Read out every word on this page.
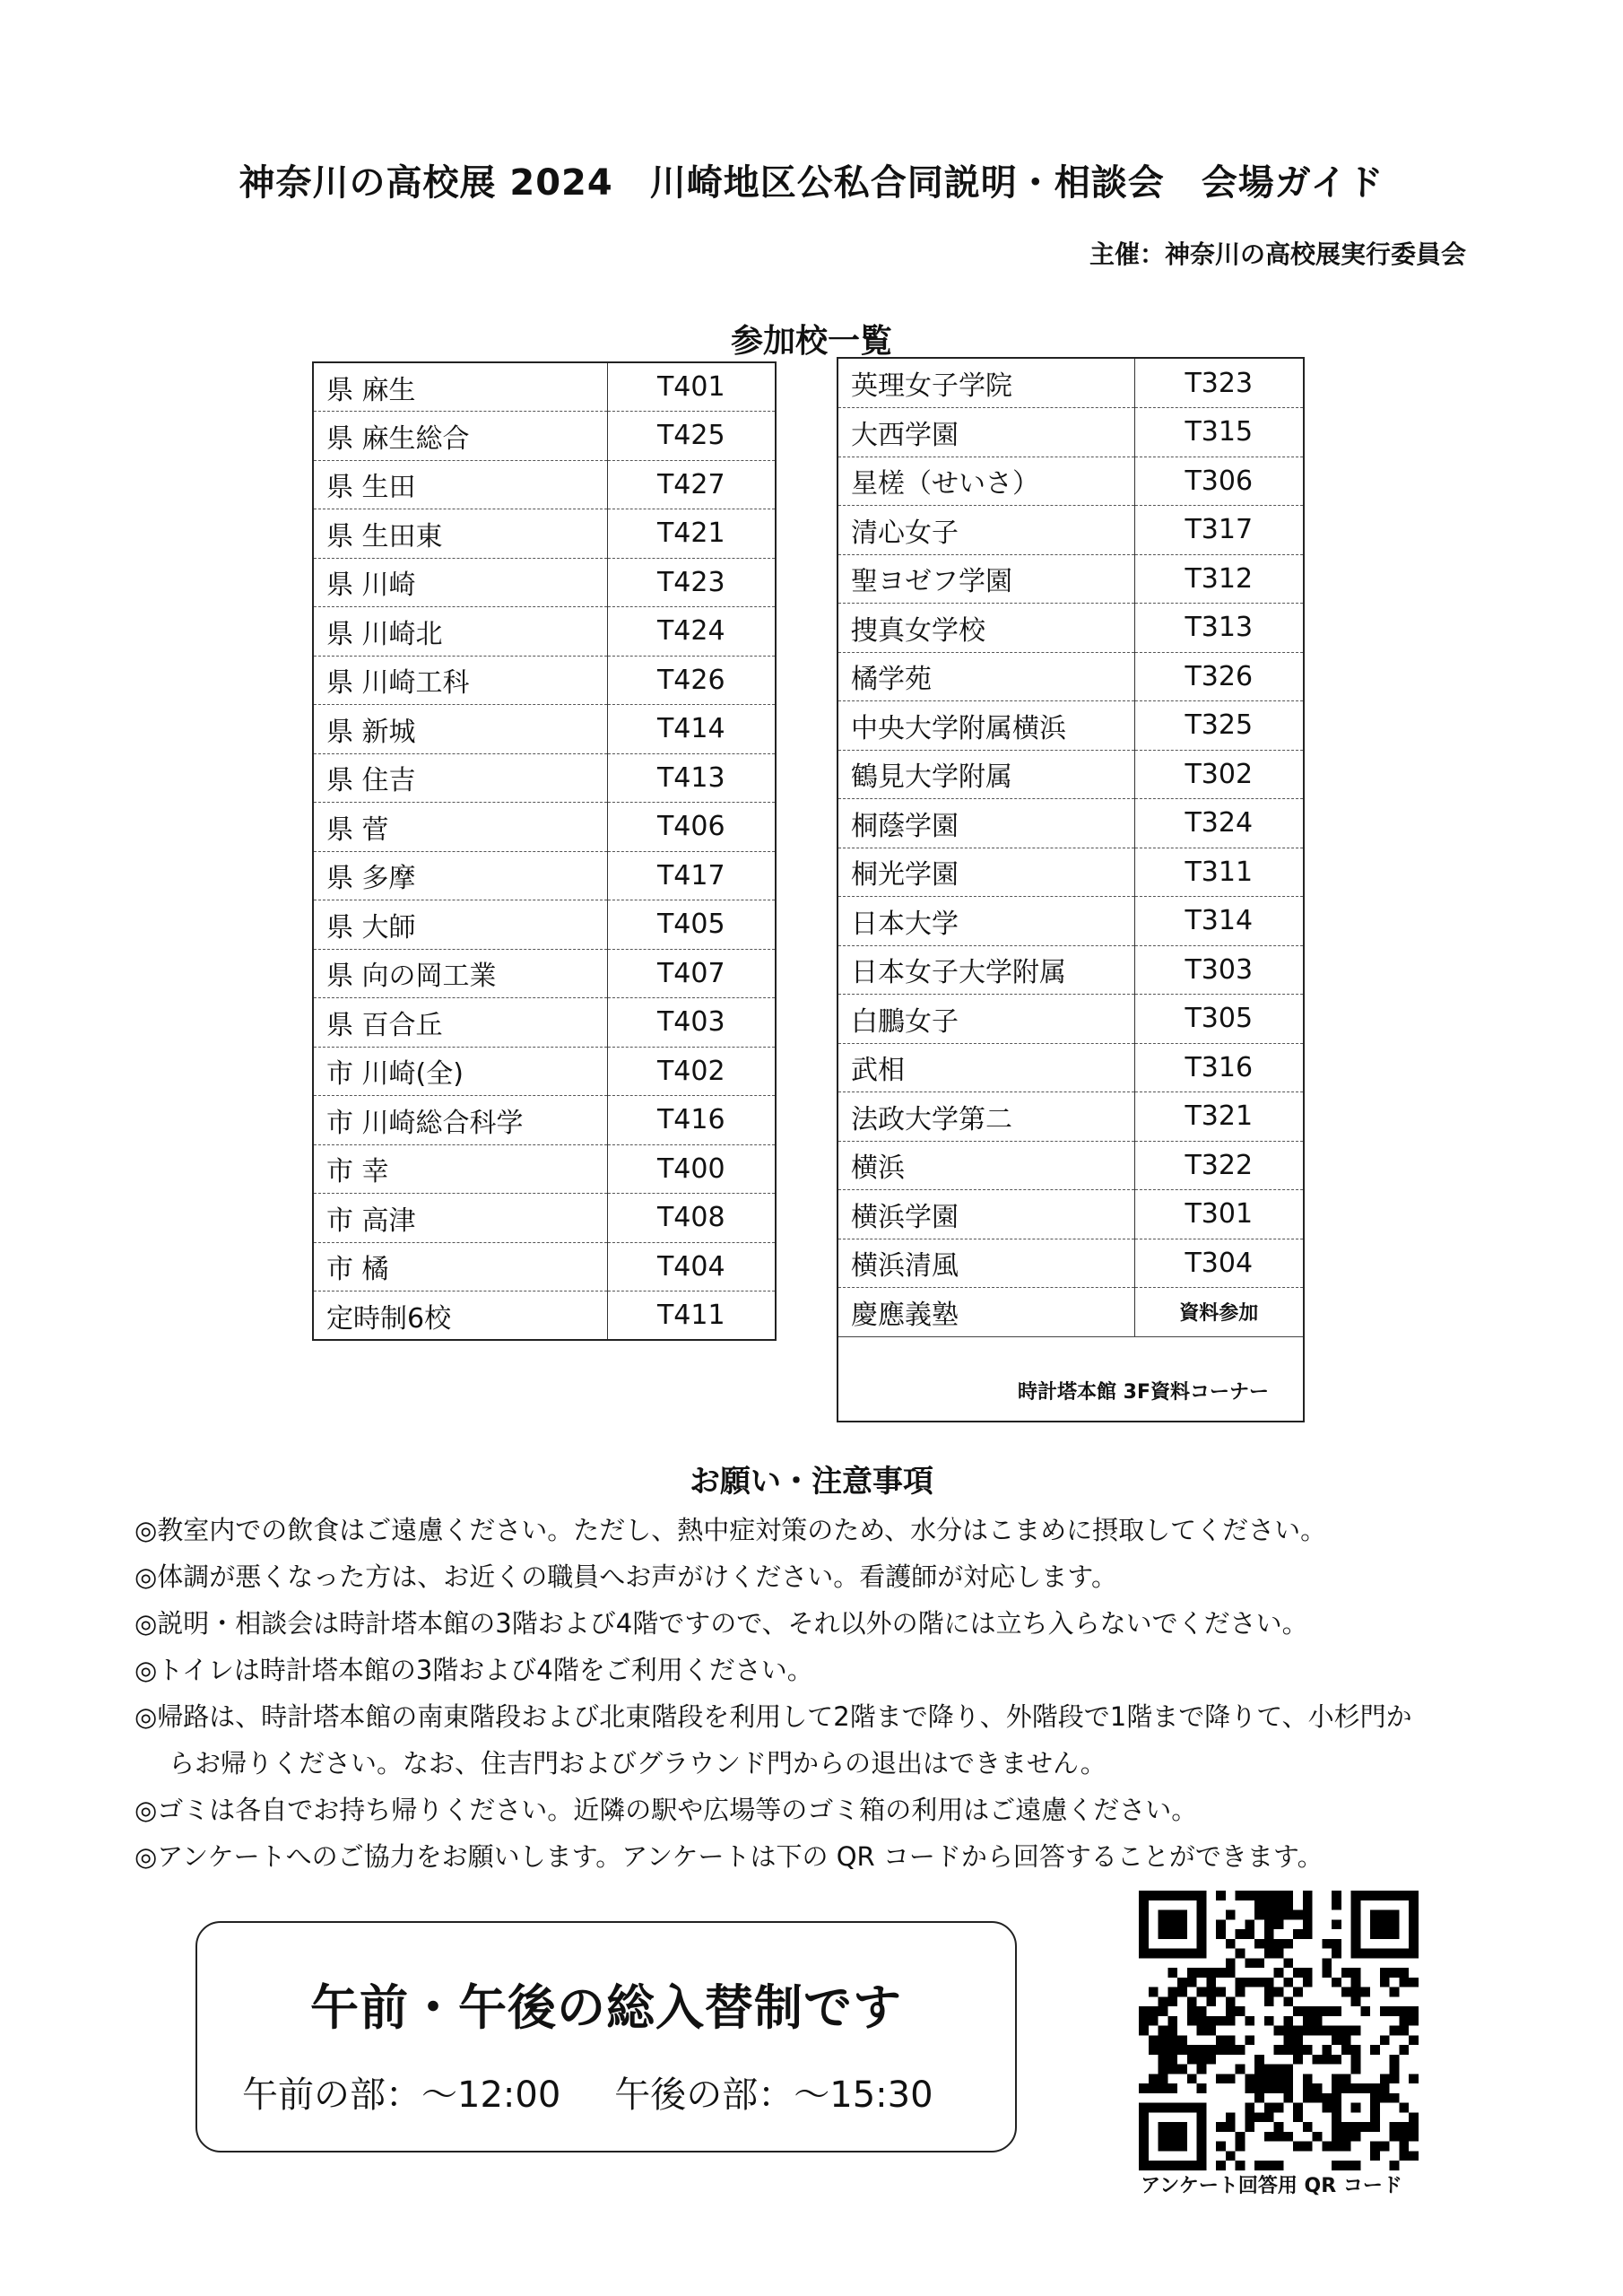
神奈川の高校展 2024　川崎地区公私合同説明・相談会　会場ガイド
主催：神奈川の高校展実行委員会
参加校一覧
県 麻生	T401
県 麻生総合	T425
県 生田	T427
県 生田東	T421
県 川崎	T423
県 川崎北	T424
県 川崎工科	T426
県 新城	T414
県 住吉	T413
県 菅	T406
県 多摩	T417
県 大師	T405
県 向の岡工業	T407
県 百合丘	T403
市 川崎(全)	T402
市 川崎総合科学	T416
市 幸	T400
市 高津	T408
市 橘	T404
定時制6校	T411
英理女子学院	T323
大西学園	T315
星槎（せいさ）	T306
清心女子	T317
聖ヨゼフ学園	T312
捜真女学校	T313
橘学苑	T326
中央大学附属横浜	T325
鶴見大学附属	T302
桐蔭学園	T324
桐光学園	T311
日本大学	T314
日本女子大学附属	T303
白鵬女子	T305
武相	T316
法政大学第二	T321
横浜	T322
横浜学園	T301
横浜清風	T304
慶應義塾	資料参加
時計塔本館 3F資料コーナー
お願い・注意事項
◎教室内での飲食はご遠慮ください。ただし、熱中症対策のため、水分はこまめに摂取してください。
◎体調が悪くなった方は、お近くの職員へお声がけください。看護師が対応します。
◎説明・相談会は時計塔本館の3階および4階ですので、それ以外の階には立ち入らないでください。
◎トイレは時計塔本館の3階および4階をご利用ください。
◎帰路は、時計塔本館の南東階段および北東階段を利用して2階まで降り、外階段で1階まで降りて、小杉門か
らお帰りください。なお、住吉門およびグラウンド門からの退出はできません。
◎ゴミは各自でお持ち帰りください。近隣の駅や広場等のゴミ箱の利用はご遠慮ください。
◎アンケートへのご協力をお願いします。アンケートは下の QR コードから回答することができます。
午前・午後の総入替制です
午前の部：～12:00 午後の部：～15:30
アンケート回答用 QR コード
